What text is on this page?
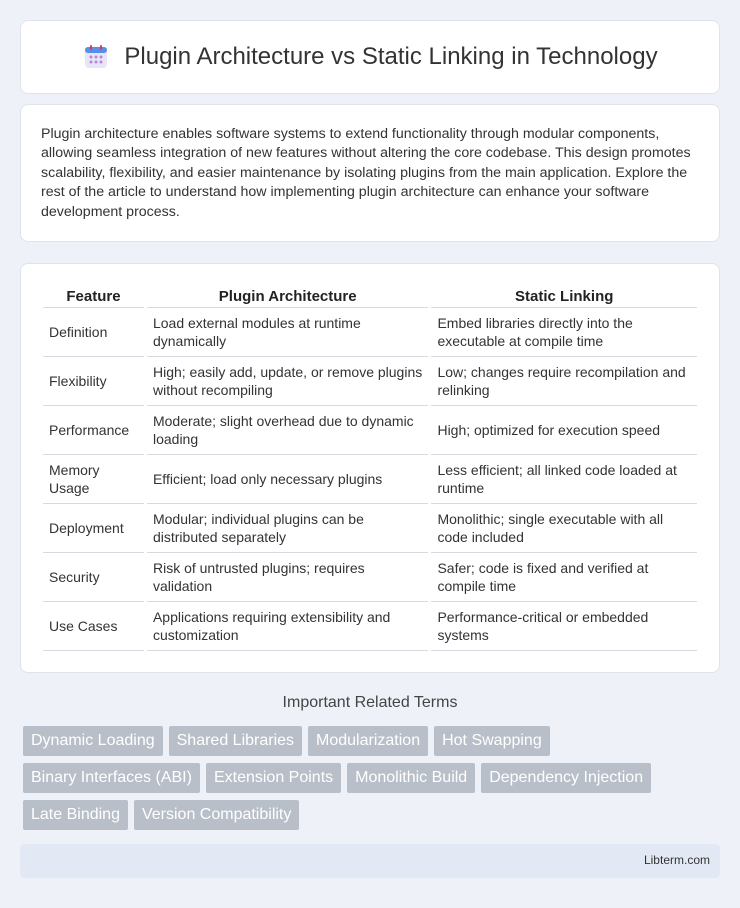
Plugin Architecture vs Static Linking in Technology

Plugin architecture enables software systems to extend functionality through modular components, allowing seamless integration of new features without altering the core codebase. This design promotes scalability, flexibility, and easier maintenance by isolating plugins from the main application. Explore the rest of the article to understand how implementing plugin architecture can enhance your software development process.

Feature	Plugin Architecture	Static Linking
Definition	Load external modules at runtime dynamically	Embed libraries directly into the executable at compile time
Flexibility	High; easily add, update, or remove plugins without recompiling	Low; changes require recompilation and relinking
Performance	Moderate; slight overhead due to dynamic loading	High; optimized for execution speed
Memory Usage	Efficient; load only necessary plugins	Less efficient; all linked code loaded at runtime
Deployment	Modular; individual plugins can be distributed separately	Monolithic; single executable with all code included
Security	Risk of untrusted plugins; requires validation	Safer; code is fixed and verified at compile time
Use Cases	Applications requiring extensibility and customization	Performance-critical or embedded systems
Important Related Terms
Dynamic Loading	Shared Libraries	Modularization	Hot Swapping
Binary Interfaces (ABI)	Extension Points	Monolithic Build	Dependency Injection
Late Binding	Version Compatibility
Libterm.com
